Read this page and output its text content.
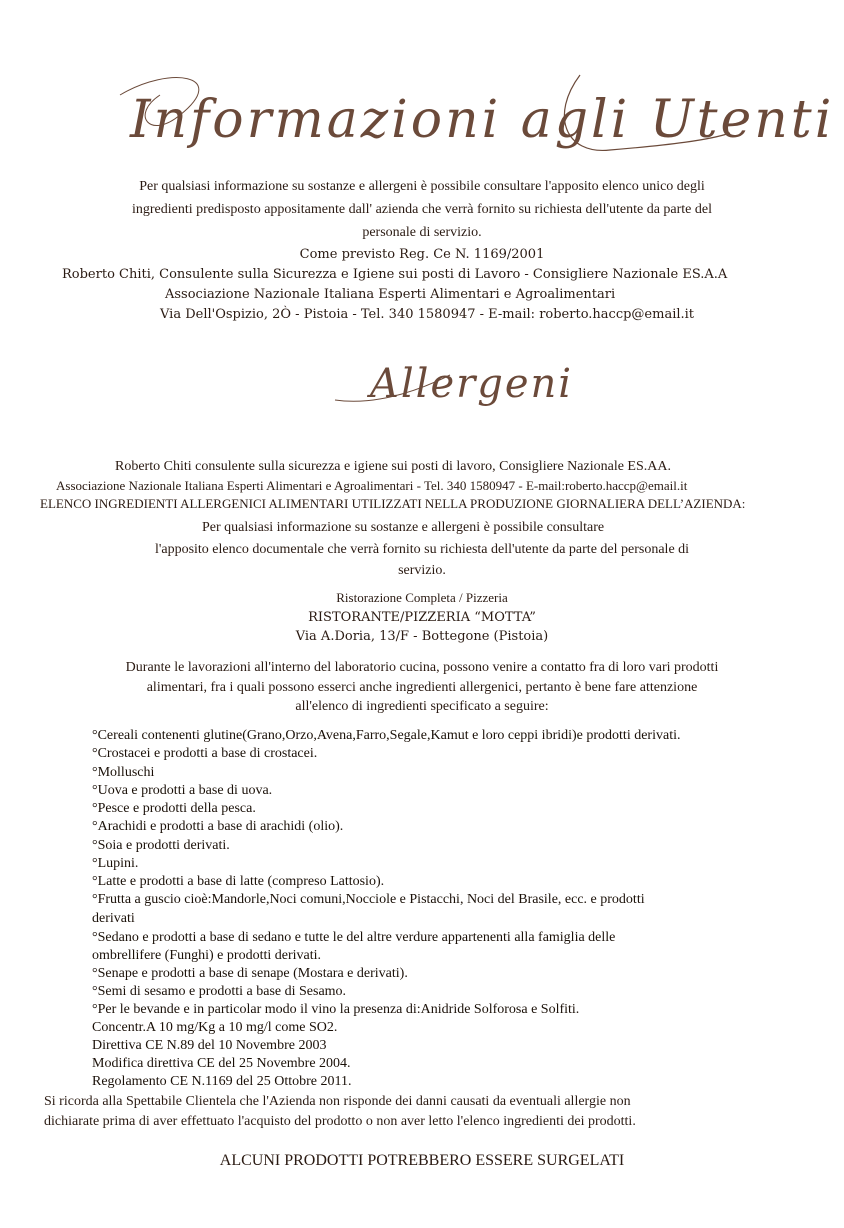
Informazioni agli Utenti
Per qualsiasi informazione su sostanze e allergeni è possibile consultare l'apposito elenco unico degli
ingredienti predisposto appositamente dall' azienda che verrà fornito su richiesta dell'utente da parte del
personale di servizio.
Come previsto Reg. Ce N. 1169/2001
Roberto Chiti, Consulente sulla Sicurezza e Igiene sui posti di Lavoro - Consigliere Nazionale ES.A.A
Associazione Nazionale Italiana Esperti Alimentari e Agroalimentari
Via Dell'Ospizio, 2Ò - Pistoia - Tel. 340 1580947 - E-mail: roberto.haccp@email.it
Allergeni
Roberto Chiti consulente sulla sicurezza e igiene sui posti di lavoro, Consigliere Nazionale ES.AA.
Associazione Nazionale Italiana Esperti Alimentari e Agroalimentari - Tel. 340 1580947 - E-mail:roberto.haccp@email.it
ELENCO INGREDIENTI ALLERGENICI ALIMENTARI UTILIZZATI NELLA PRODUZIONE GIORNALIERA DELL’AZIENDA:
Per qualsiasi informazione su sostanze e allergeni è possibile consultare
l'apposito elenco documentale che verrà fornito su richiesta dell'utente da parte del personale di
servizio.
Ristorazione Completa / Pizzeria
RISTORANTE/PIZZERIA “MOTTA”
Via A.Doria, 13/F - Bottegone (Pistoia)
Durante le lavorazioni all'interno del laboratorio cucina, possono venire a contatto fra di loro vari prodotti
alimentari, fra i quali possono esserci anche ingredienti allergenici, pertanto è bene fare attenzione
all'elenco di ingredienti specificato a seguire:
°Cereali contenenti glutine(Grano,Orzo,Avena,Farro,Segale,Kamut e loro ceppi ibridi)e prodotti derivati.
°Crostacei e prodotti a base di crostacei.
°Molluschi
°Uova e prodotti a base di uova.
°Pesce e prodotti della pesca.
°Arachidi e prodotti a base di arachidi (olio).
°Soia e prodotti derivati.
°Lupini.
°Latte e prodotti a base di latte (compreso Lattosio).
°Frutta a guscio cioè:Mandorle,Noci comuni,Nocciole e Pistacchi, Noci del Brasile, ecc. e prodotti
derivati
°Sedano e prodotti a base di sedano e tutte le del altre verdure appartenenti alla famiglia delle
ombrellifere (Funghi) e prodotti derivati.
°Senape e prodotti a base di senape (Mostara e derivati).
°Semi di sesamo e prodotti a base di Sesamo.
°Per le bevande e in particolar modo il vino la presenza di:Anidride Solforosa e Solfiti.
Concentr.A 10 mg/Kg a 10 mg/l come SO2.
Direttiva CE N.89 del 10 Novembre 2003
Modifica direttiva CE del 25 Novembre 2004.
Regolamento CE N.1169 del 25 Ottobre 2011.
Si ricorda alla Spettabile Clientela che l'Azienda non risponde dei danni causati da eventuali allergie non
dichiarate prima di aver effettuato l'acquisto del prodotto o non aver letto l'elenco ingredienti dei prodotti.
ALCUNI PRODOTTI POTREBBERO ESSERE SURGELATI
